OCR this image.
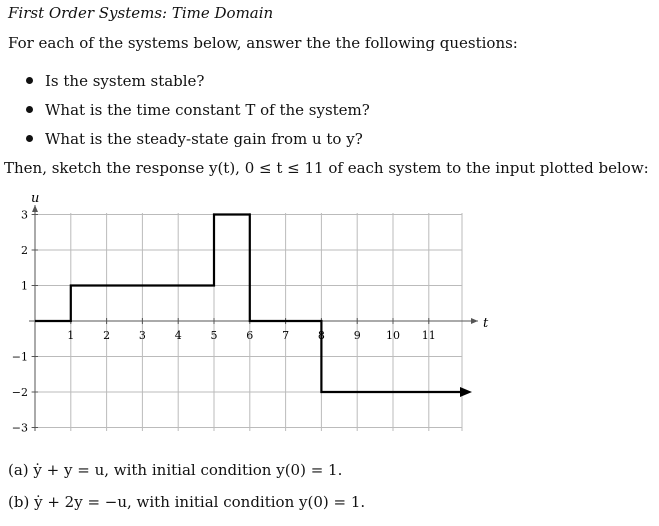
First Order Systems: Time Domain
For each of the systems below, answer the the following questions:
Is the system stable?
What is the time constant T of the system?
What is the steady-state gain from u to y?
Then, sketch the response y(t), 0 ≤ t ≤ 11 of each system to the input plotted below:
t
u
1	2	3	4	5	6	7	8	9 10 11
−3
−2
−1
1
2
3
(a) ẏ + y = u, with initial condition y(0) = 1.
(b) ẏ + 2y = −u, with initial condition y(0) = 1.
